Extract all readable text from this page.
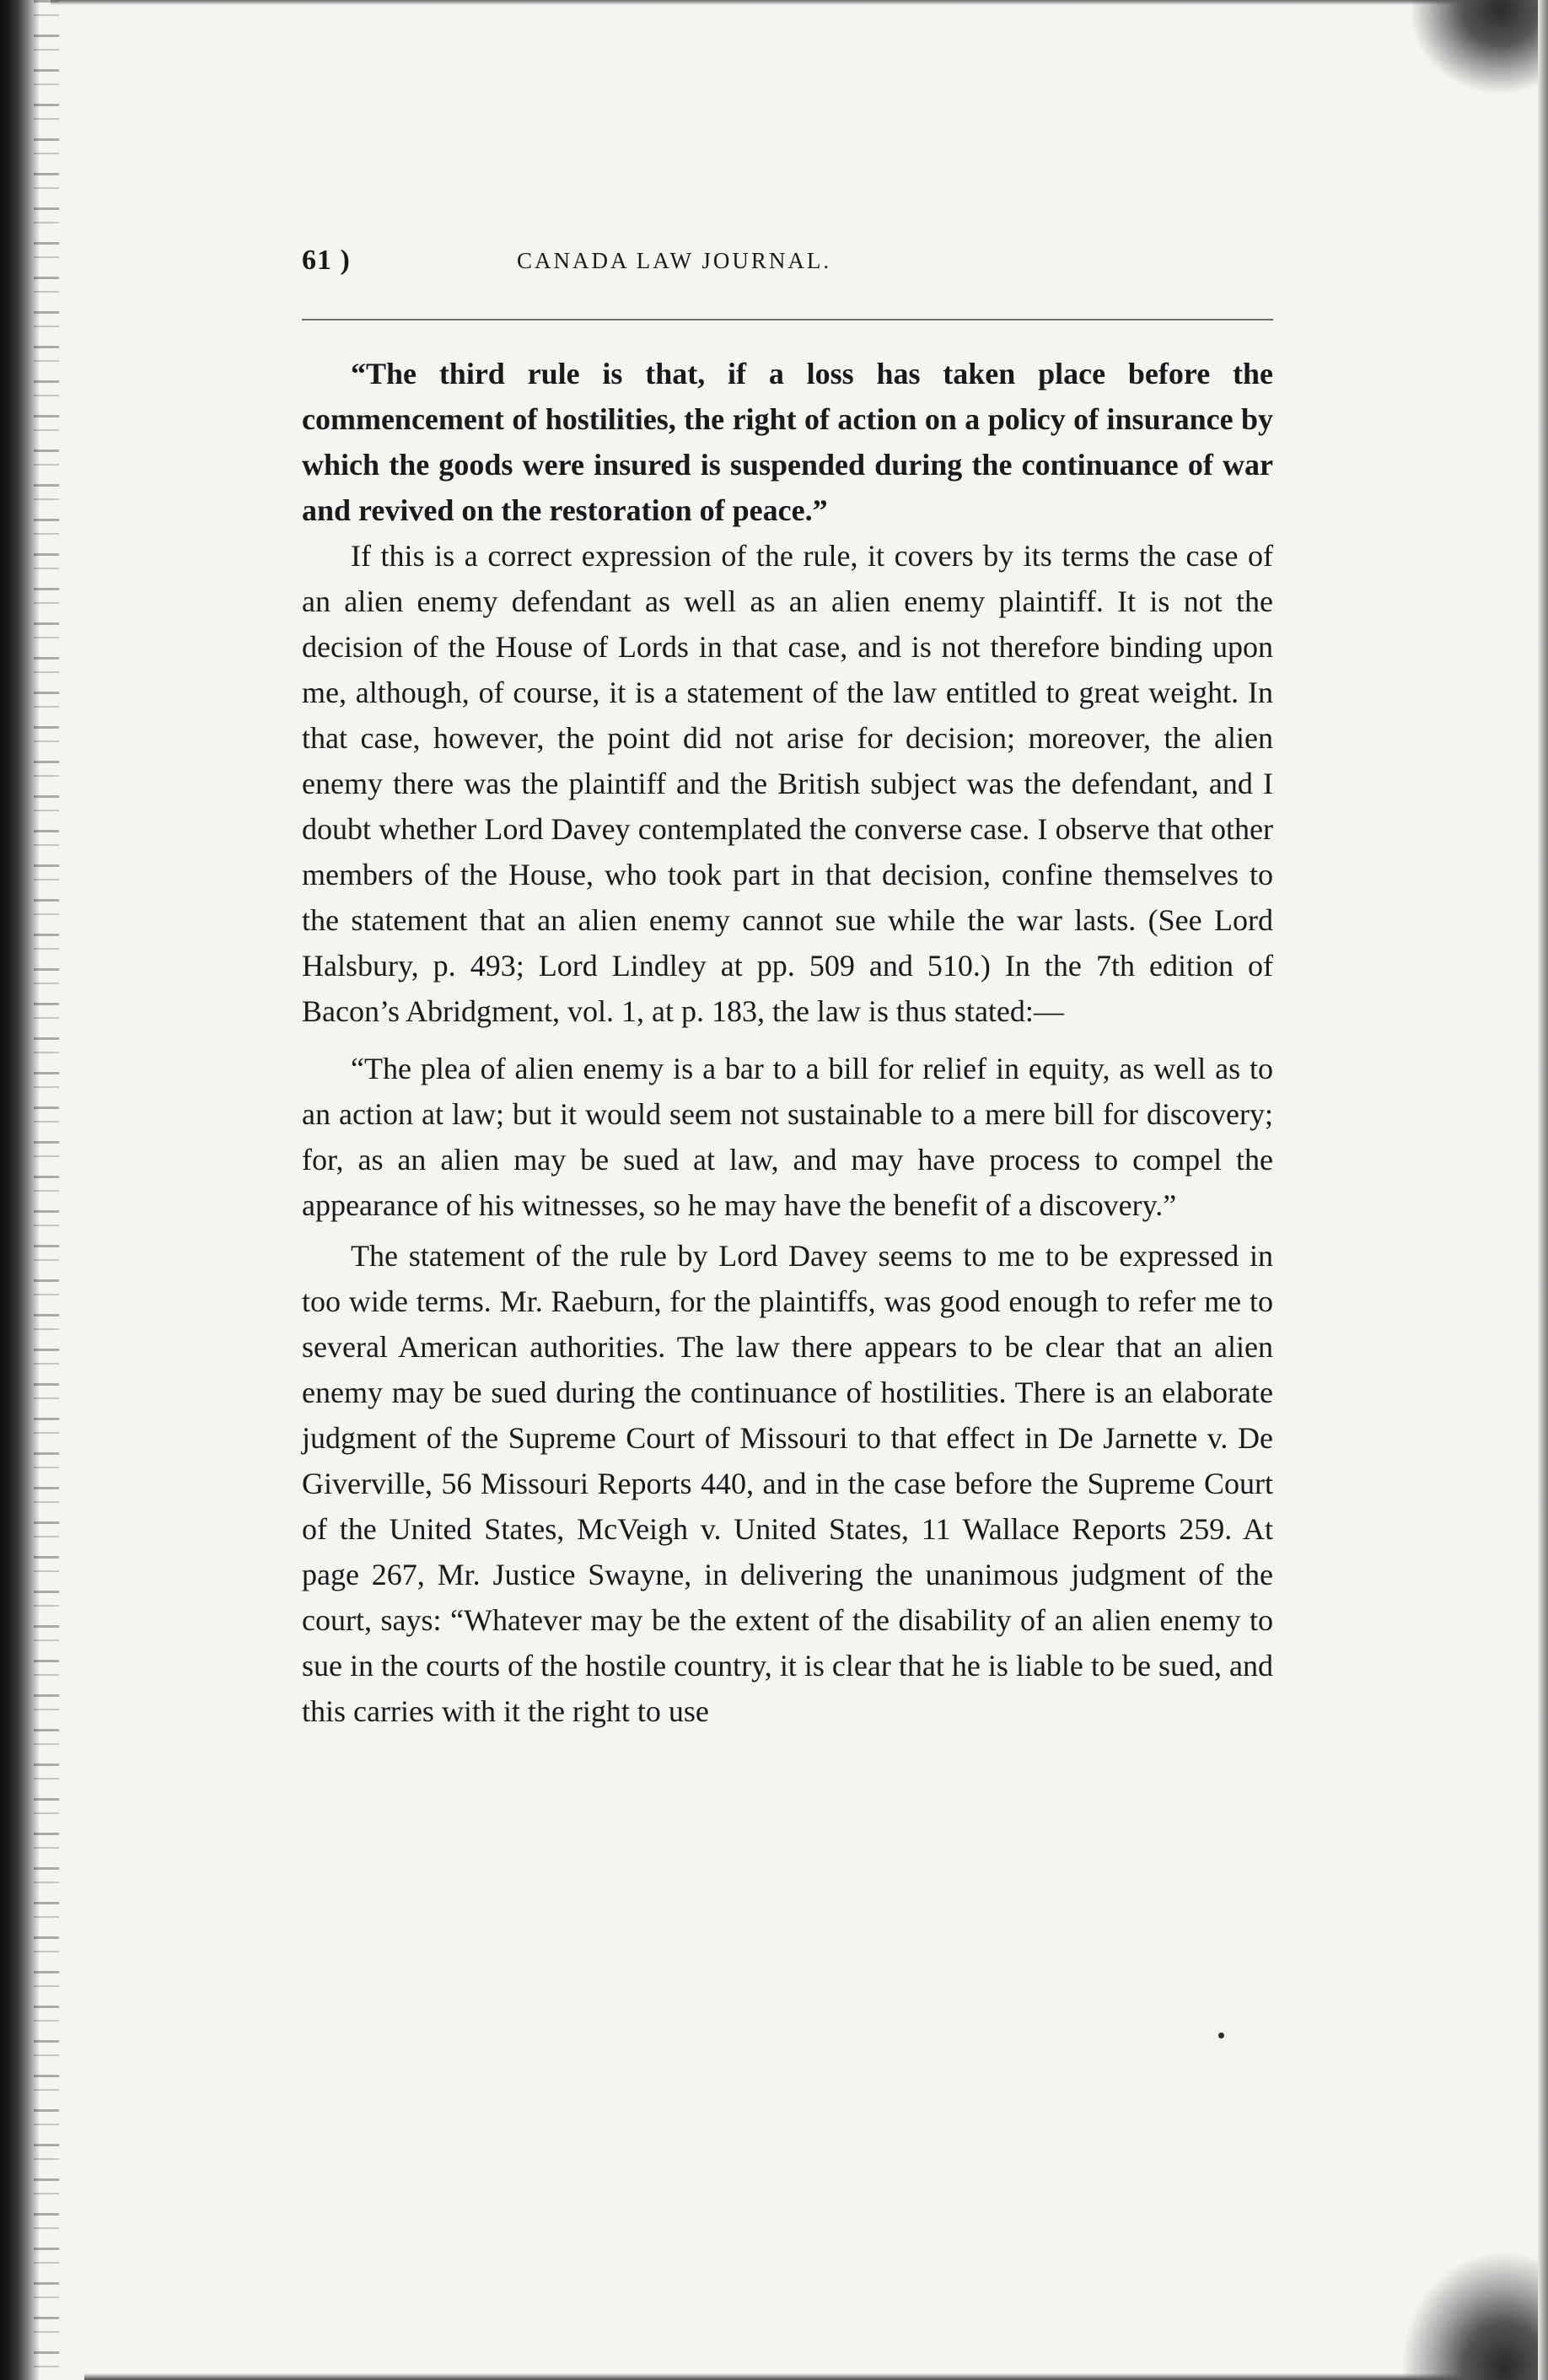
61 )	CANADA LAW JOURNAL.

“The third rule is that, if a loss has taken place before the commencement of hostilities, the right of action on a policy of insurance by which the goods were insured is suspended during the continuance of war and revived on the restoration of peace.”

If this is a correct expression of the rule, it covers by its terms the case of an alien enemy defendant as well as an alien enemy plaintiff. It is not the decision of the House of Lords in that case, and is not therefore binding upon me, although, of course, it is a statement of the law entitled to great weight. In that case, however, the point did not arise for decision; moreover, the alien enemy there was the plaintiff and the British subject was the defendant, and I doubt whether Lord Davey contemplated the converse case. I observe that other members of the House, who took part in that decision, confine themselves to the statement that an alien enemy cannot sue while the war lasts. (See Lord Halsbury, p. 493; Lord Lindley at pp. 509 and 510.) In the 7th edition of Bacon’s Abridgment, vol. 1, at p. 183, the law is thus stated:—

“The plea of alien enemy is a bar to a bill for relief in equity, as well as to an action at law; but it would seem not sustainable to a mere bill for discovery; for, as an alien may be sued at law, and may have process to compel the appearance of his witnesses, so he may have the benefit of a discovery.”

The statement of the rule by Lord Davey seems to me to be expressed in too wide terms. Mr. Raeburn, for the plaintiffs, was good enough to refer me to several American authorities. The law there appears to be clear that an alien enemy may be sued during the continuance of hostilities. There is an elaborate judgment of the Supreme Court of Missouri to that effect in De Jarnette v. De Giverville, 56 Missouri Reports 440, and in the case before the Supreme Court of the United States, McVeigh v. United States, 11 Wallace Reports 259. At page 267, Mr. Justice Swayne, in delivering the unanimous judgment of the court, says: “Whatever may be the extent of the disability of an alien enemy to sue in the courts of the hostile country, it is clear that he is liable to be sued, and this carries with it the right to use
